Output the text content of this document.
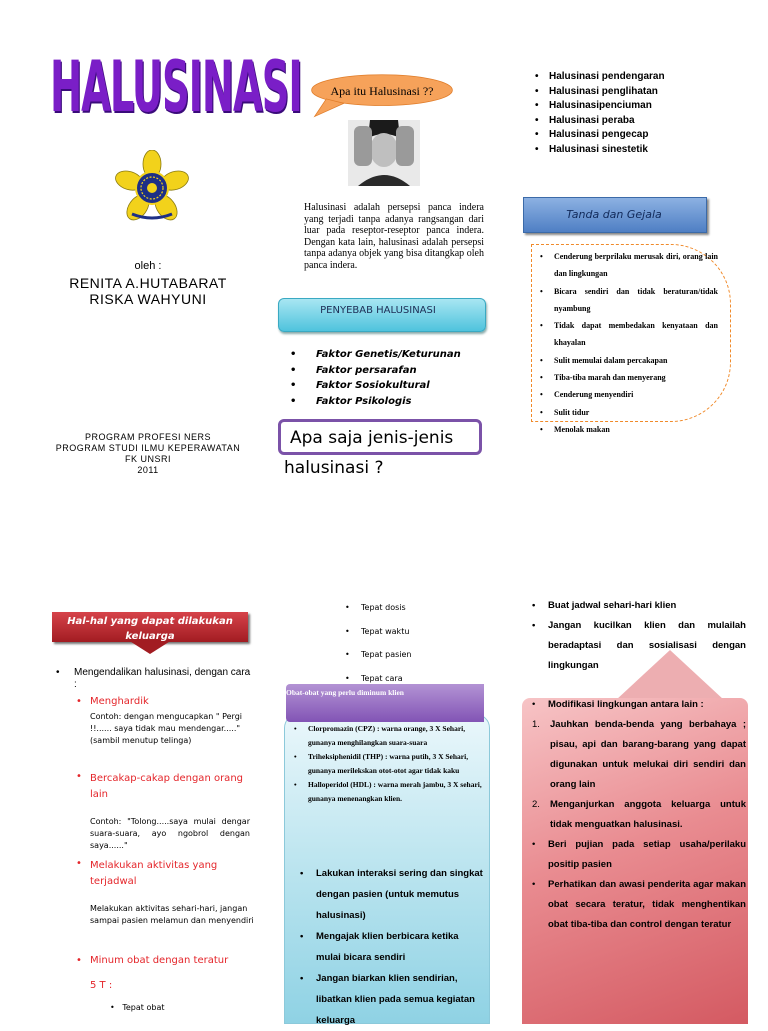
HALUSINASI
oleh :
RENITA A.HUTABARAT
RISKA WAHYUNI
PROGRAM PROFESI NERS
PROGRAM STUDI ILMU KEPERAWATAN
FK UNSRI
2011
Apa itu Halusinasi ??
Halusinasi adalah persepsi panca indera yang terjadi tanpa adanya rangsangan dari luar pada reseptor-reseptor panca indera. Dengan kata lain, halusinasi adalah persepsi tanpa adanya objek yang bisa ditangkap oleh panca indera.
PENYEBAB HALUSINASI
• Faktor Genetis/Keturunan
• Faktor persarafan
• Faktor Sosiokultural
• Faktor Psikologis
Apa saja jenis-jenis
halusinasi ?
• Halusinasi pendengaran
• Halusinasi penglihatan
• Halusinasipenciuman
• Halusinasi peraba
• Halusinasi pengecap
• Halusinasi sinestetik
Tanda dan Gejala
• Cenderung berprilaku merusak diri, orang lain dan lingkungan
• Bicara sendiri dan tidak beraturan/tidak nyambung
• Tidak dapat membedakan kenyataan dan khayalan
• Sulit memulai dalam percakapan
• Tiba-tiba marah dan menyerang
• Cenderung menyendiri
• Sulit tidur
• Menolak makan
Hal-hal yang dapat dilakukan keluarga
•	Mengendalikan halusinasi, dengan cara :
• Menghardik
Contoh: dengan mengucapkan " Pergi !!...... saya tidak mau mendengar....." (sambil menutup telinga)
• Bercakap-cakap dengan orang lain
Contoh: "Tolong.....saya mulai dengar suara-suara, ayo ngobrol dengan saya......"
• Melakukan aktivitas yang terjadwal
Melakukan aktivitas sehari-hari, jangan sampai pasien melamun dan menyendiri
• Minum obat dengan teratur
5 T :
•   Tepat obat
• Tepat dosis
• Tepat waktu
• Tepat pasien
• Tepat cara
Obat-obat yang perlu diminum klien
• Clorpromazin (CPZ) : warna orange, 3 X Sehari, gunanya menghilangkan suara-suara
• Triheksiphenidil (THP) : warna putih, 3 X Sehari, gunanya merilekskan otot-otot agar tidak kaku
• Halloperidol (HDL) : warna merah jambu, 3 X sehari, gunanya menenangkan klien.
• Lakukan interaksi sering dan singkat dengan pasien (untuk memutus halusinasi)
• Mengajak klien berbicara ketika mulai bicara sendiri
• Jangan biarkan klien sendirian, libatkan klien pada semua kegiatan keluarga
• Buat jadwal sehari-hari klien
• Jangan kucilkan klien dan mulailah beradaptasi dan sosialisasi dengan lingkungan
• Modifikasi lingkungan antara lain :
1. Jauhkan benda-benda yang berbahaya ; pisau, api dan barang-barang yang dapat digunakan untuk melukai diri sendiri dan orang lain
2. Menganjurkan anggota keluarga untuk tidak menguatkan halusinasi.
• Beri pujian pada setiap usaha/perilaku positip pasien
• Perhatikan dan awasi penderita agar makan obat secara teratur, tidak menghentikan obat tiba-tiba dan control dengan teratur
